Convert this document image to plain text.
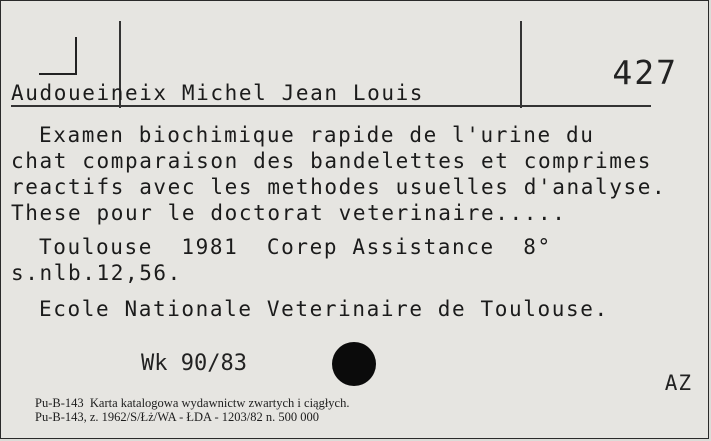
Audoueineix Michel Jean Louis
427
Examen biochimique rapide de l'urine du
chat comparaison des bandelettes et comprimes
reactifs avec les methodes usuelles d'analyse.
These pour le doctorat veterinaire.....
Toulouse  1981  Corep Assistance  8°
s.nlb.12,56.
Ecole Nationale Veterinaire de Toulouse.
Wk 90/83
AZ
Pu-B-143  Karta katalogowa wydawnictw zwartych i ciągłych.
Pu-B-143, z. 1962/S/Łż/WA - ŁDA - 1203/82 n. 500 000
